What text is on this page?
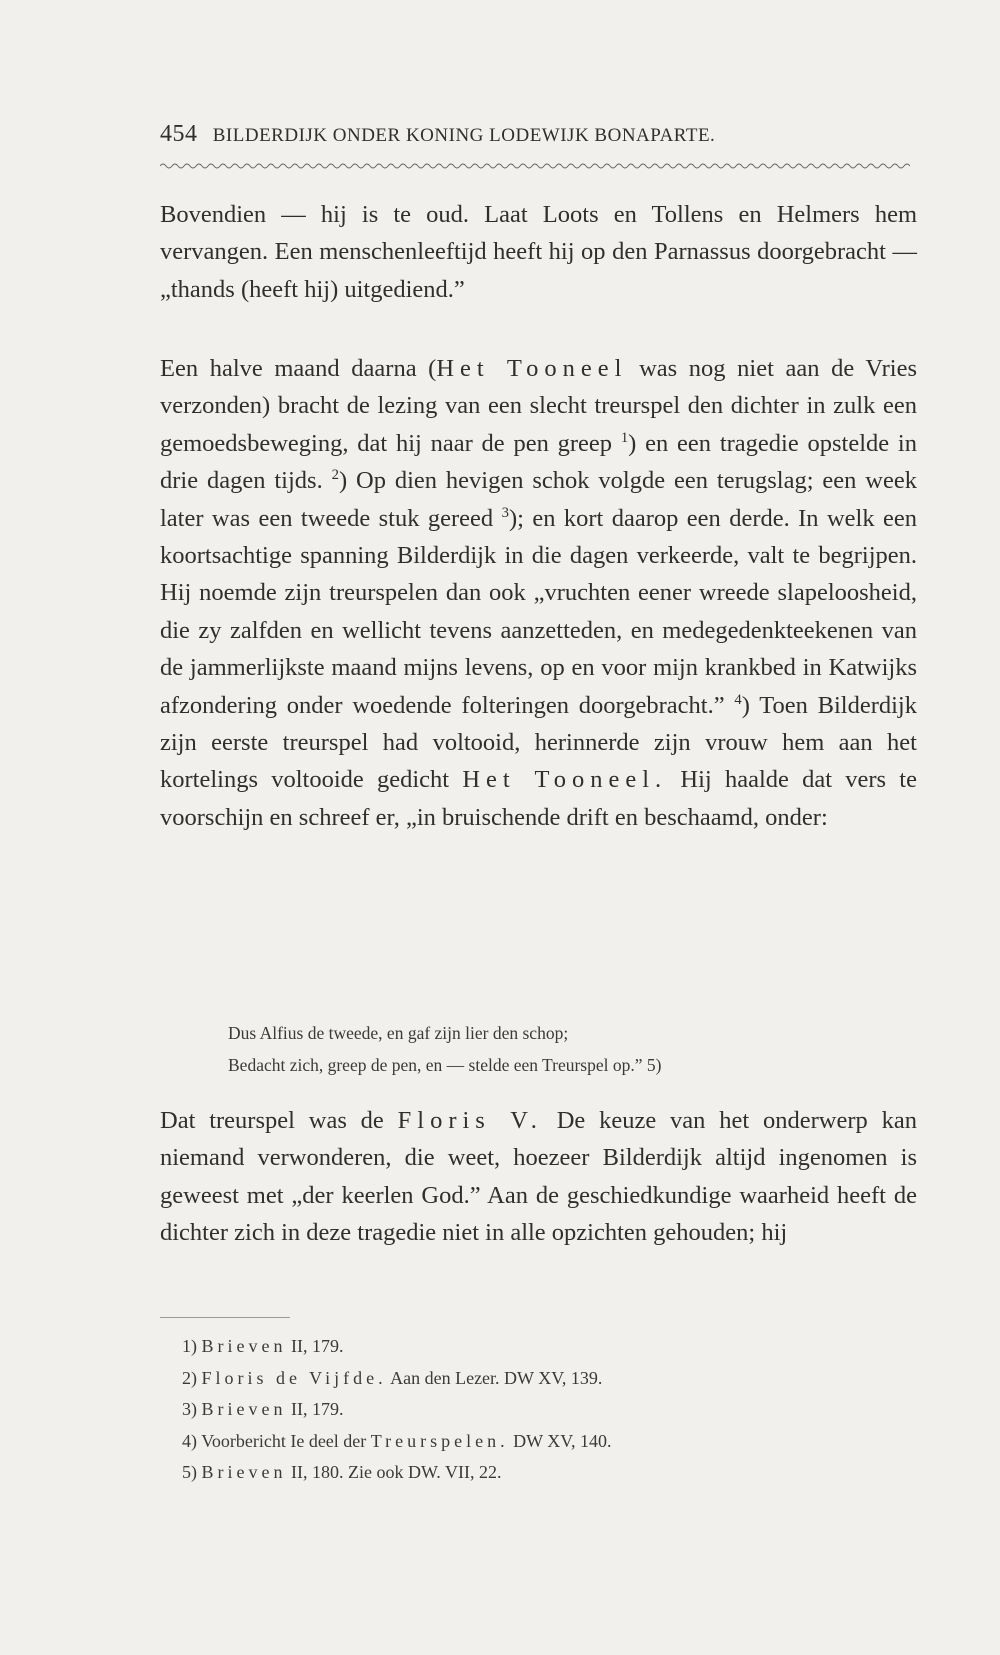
454 BILDERDIJK ONDER KONING LODEWIJK BONAPARTE.
Bovendien — hij is te oud. Laat Loots en Tollens en Helmers hem vervangen. Een menschenleeftijd heeft hij op den Parnassus doorgebracht — „thands (heeft hij) uitgediend.”
Een halve maand daarna (Het Tooneel was nog niet aan de Vries verzonden) bracht de lezing van een slecht treurspel den dichter in zulk een gemoedsbeweging, dat hij naar de pen greep $^1$) en een tragedie opstelde in drie dagen tijds. $^2$) Op dien hevigen schok volgde een terugslag; een week later was een tweede stuk gereed $^3$); en kort daarop een derde. In welk een koortsachtige spanning Bilderdijk in die dagen verkeerde, valt te begrijpen. Hij noemde zijn treurspelen dan ook „vruchten eener wreede slapeloosheid, die zy zalfden en wellicht tevens aanzetteden, en medegedenkteekenen van de jammerlijkste maand mijns levens, op en voor mijn krankbed in Katwijks afzondering onder woedende folteringen doorgebracht.” $^4$) Toen Bilderdijk zijn eerste treurspel had voltooid, herinnerde zijn vrouw hem aan het kortelings voltooide gedicht Het Tooneel. Hij haalde dat vers te voorschijn en schreef er, „in bruischende drift en beschaamd, onder:
Dus Alfius de tweede, en gaf zijn lier den schop;
Bedacht zich, greep de pen, en — stelde een Treurspel op.” 5)
Dat treurspel was de Floris V. De keuze van het onderwerp kan niemand verwonderen, die weet, hoezeer Bilderdijk altijd ingenomen is geweest met „der keerlen God.” Aan de geschiedkundige waarheid heeft de dichter zich in deze tragedie niet in alle opzichten gehouden; hij
1) Brieven II, 179.
2) Floris de Vijfde. Aan den Lezer. DW XV, 139.
3) Brieven II, 179.
4) Voorbericht Ie deel der Treurspelen. DW XV, 140.
5) Brieven II, 180. Zie ook DW. VII, 22.
